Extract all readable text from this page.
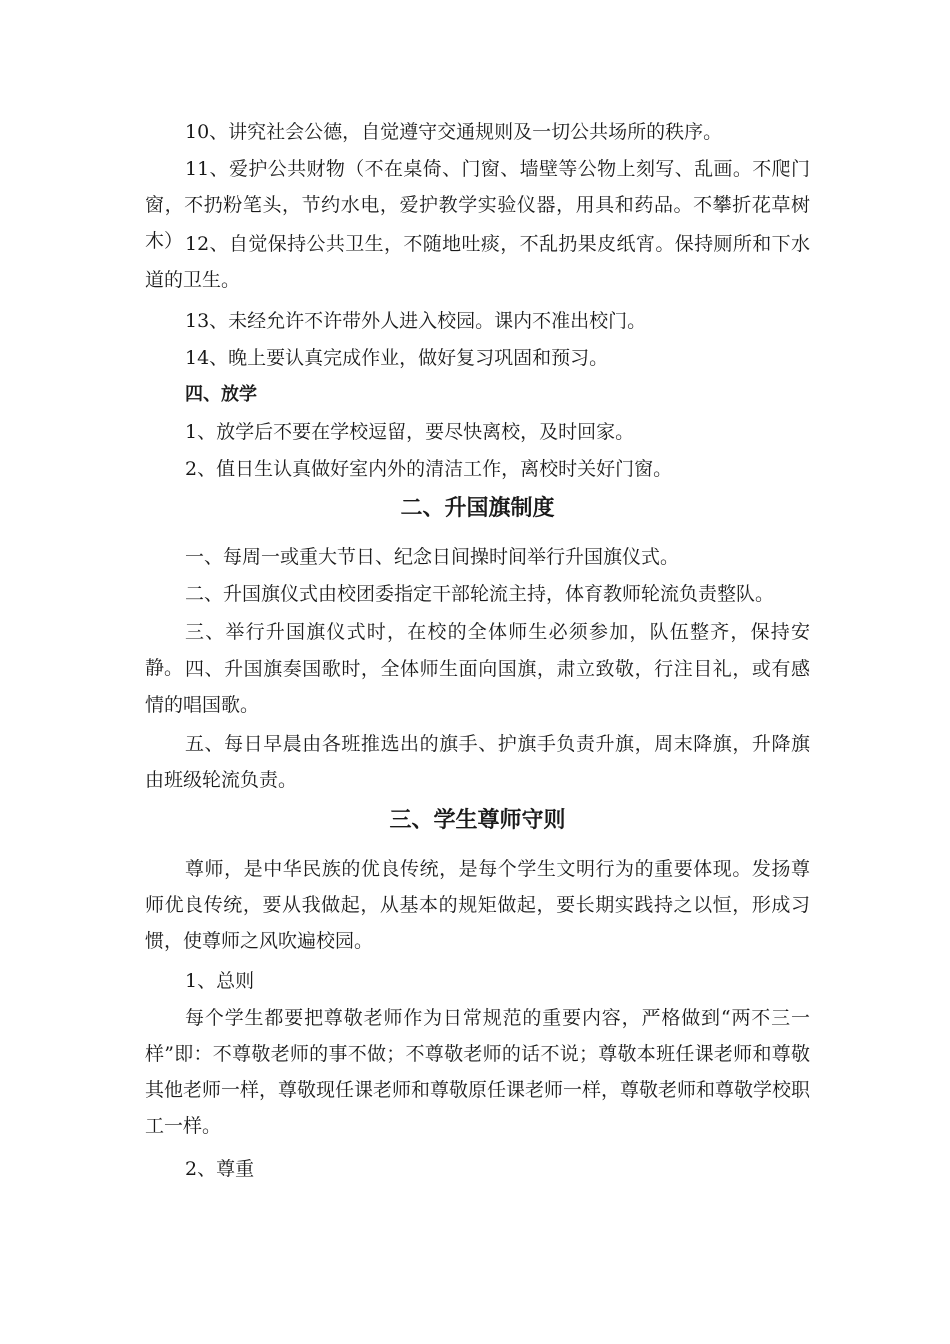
10、讲究社会公德，自觉遵守交通规则及一切公共场所的秩序。

11、爱护公共财物（不在桌倚、门窗、墙壁等公物上刻写、乱画。不爬门窗，不扔粉笔头，节约水电，爱护教学实验仪器，用具和药品。不攀折花草树木） 12、自觉保持公共卫生，不随地吐痰，不乱扔果皮纸宵。保持厕所和下水道的卫生。

13、未经允许不许带外人进入校园。课内不准出校门。

14、晚上要认真完成作业，做好复习巩固和预习。

四、放学

1、放学后不要在学校逗留，要尽快离校，及时回家。

2、值日生认真做好室内外的清洁工作，离校时关好门窗。

二、升国旗制度

一、每周一或重大节日、纪念日间操时间举行升国旗仪式。

二、升国旗仪式由校团委指定干部轮流主持，体育教师轮流负责整队。

三、举行升国旗仪式时，在校的全体师生必须参加，队伍整齐，保持安静。 四、升国旗奏国歌时，全体师生面向国旗，肃立致敬，行注目礼，或有感情的唱国歌。

五、每日早晨由各班推选出的旗手、护旗手负责升旗，周末降旗，升降旗由班级轮流负责。

三、学生尊师守则

尊师，是中华民族的优良传统，是每个学生文明行为的重要体现。发扬尊师优良传统，要从我做起，从基本的规矩做起，要长期实践持之以恒，形成习惯，使尊师之风吹遍校园。

1、总则

每个学生都要把尊敬老师作为日常规范的重要内容，严格做到“两不三一样”即：不尊敬老师的事不做；不尊敬老师的话不说；尊敬本班任课老师和尊敬其他老师一样，尊敬现任课老师和尊敬原任课老师一样，尊敬老师和尊敬学校职工一样。

2、尊重
